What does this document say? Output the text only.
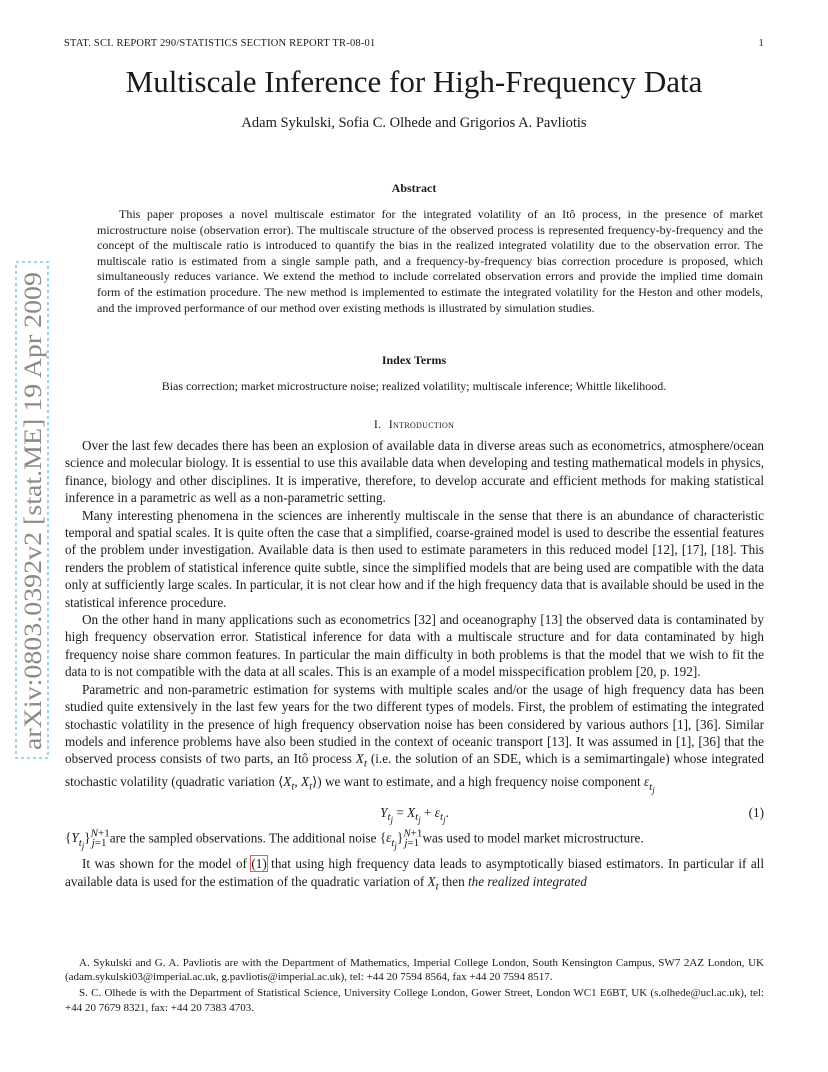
STAT. SCI. REPORT 290/STATISTICS SECTION REPORT TR-08-01	1
arXiv:0803.0392v2 [stat.ME] 19 Apr 2009
Multiscale Inference for High-Frequency Data
Adam Sykulski, Sofia C. Olhede and Grigorios A. Pavliotis
Abstract
This paper proposes a novel multiscale estimator for the integrated volatility of an Itô process, in the presence of market microstructure noise (observation error). The multiscale structure of the observed process is represented frequency-by-frequency and the concept of the multiscale ratio is introduced to quantify the bias in the realized integrated volatility due to the observation error. The multiscale ratio is estimated from a single sample path, and a frequency-by-frequency bias correction procedure is proposed, which simultaneously reduces variance. We extend the method to include correlated observation errors and provide the implied time domain form of the estimation procedure. The new method is implemented to estimate the integrated volatility for the Heston and other models, and the improved performance of our method over existing methods is illustrated by simulation studies.
Index Terms
Bias correction; market microstructure noise; realized volatility; multiscale inference; Whittle likelihood.
I. Introduction

Over the last few decades there has been an explosion of available data in diverse areas such as econometrics, atmosphere/ocean science and molecular biology. It is essential to use this available data when developing and testing mathematical models in physics, finance, biology and other disciplines. It is imperative, therefore, to develop accurate and efficient methods for making statistical inference in a parametric as well as a non-parametric setting.

Many interesting phenomena in the sciences are inherently multiscale in the sense that there is an abundance of characteristic temporal and spatial scales. It is quite often the case that a simplified, coarse-grained model is used to describe the essential features of the problem under investigation. Available data is then used to estimate parameters in this reduced model [12], [17], [18]. This renders the problem of statistical inference quite subtle, since the simplified models that are being used are compatible with the data only at sufficiently large scales. In particular, it is not clear how and if the high frequency data that is available should be used in the statistical inference procedure.

On the other hand in many applications such as econometrics [32] and oceanography [13] the observed data is contaminated by high frequency observation error. Statistical inference for data with a multiscale structure and for data contaminated by high frequency noise share common features. In particular the main difficulty in both problems is that the model that we wish to fit the data to is not compatible with the data at all scales. This is an example of a model misspecification problem [20, p. 192].

Parametric and non-parametric estimation for systems with multiple scales and/or the usage of high frequency data has been studied quite extensively in the last few years for the two different types of models. First, the problem of estimating the integrated stochastic volatility in the presence of high frequency observation noise has been considered by various authors [1], [36]. Similar models and inference problems have also been studied in the context of oceanic transport [13]. It was assumed in [1], [36] that the observed process consists of two parts, an Itô process $X_t$ (i.e. the solution of an SDE, which is a semimartingale) whose integrated stochastic volatility (quadratic variation $⟨X_t$, $X_t⟩$) we want to estimate, and a high frequency noise component $\varepsilon_{t_j}$

$Y_{t_j} = X_{t_j} + \varepsilon_{t_j}$.	(1)

$\{Y_{t_j}\}^{N+1}_{j=1}$ are the sampled observations. The additional noise $\{\varepsilon_{t_j}\}^{N+1}_{j=1}$ was used to model market microstructure.

It was shown for the model of (1) that using high frequency data leads to asymptotically biased estimators. In particular if all available data is used for the estimation of the quadratic variation of $X_t$ then the realized integrated

A. Sykulski and G. A. Pavliotis are with the Department of Mathematics, Imperial College London, South Kensington Campus, SW7 2AZ London, UK (adam.sykulski03@imperial.ac.uk, g.pavliotis@imperial.ac.uk), tel: +44 20 7594 8564, fax +44 20 7594 8517.

S. C. Olhede is with the Department of Statistical Science, University College London, Gower Street, London WC1 E6BT, UK (s.olhede@ucl.ac.uk), tel: +44 20 7679 8321, fax: +44 20 7383 4703.
